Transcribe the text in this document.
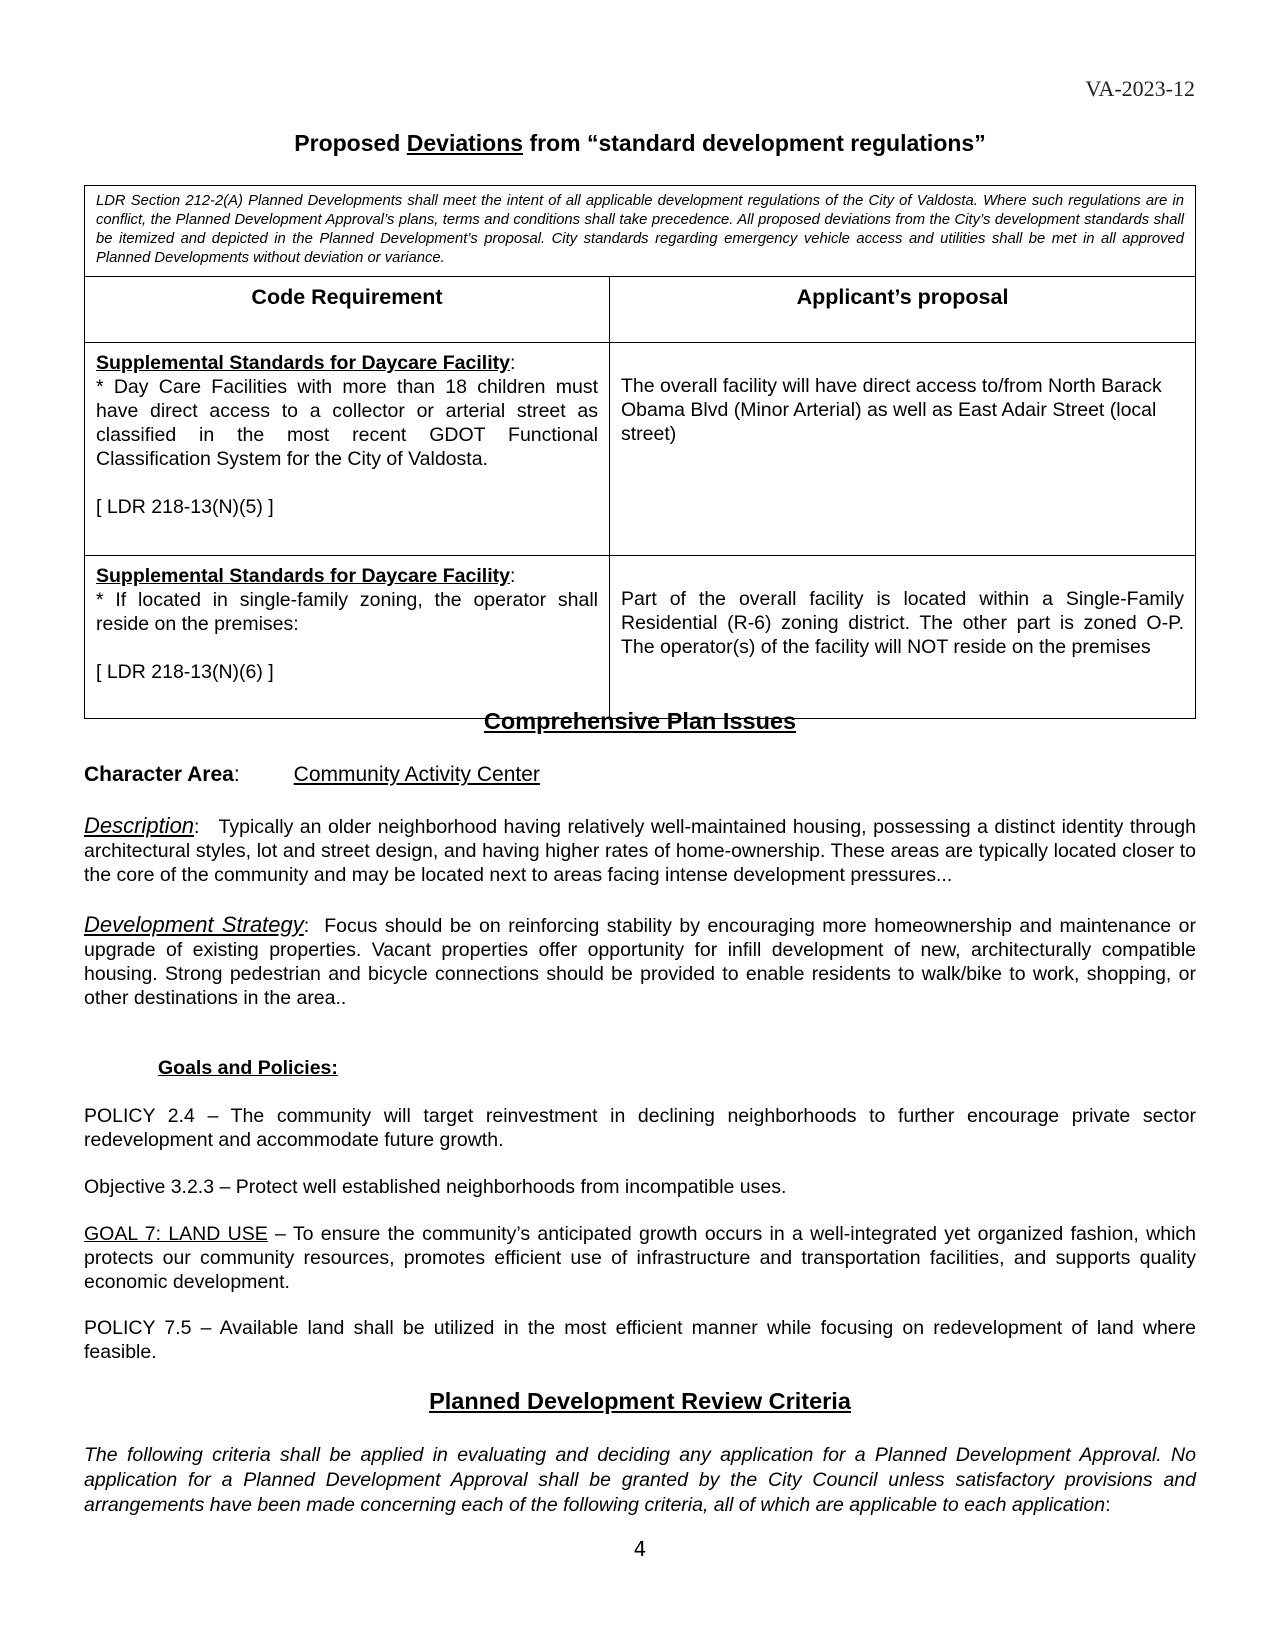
VA-2023-12
Proposed Deviations from “standard development regulations”
LDR Section 212-2(A) Planned Developments shall meet the intent of all applicable development regulations of the City of Valdosta. Where such regulations are in conflict, the Planned Development Approval’s plans, terms and conditions shall take precedence. All proposed deviations from the City’s development standards shall be itemized and depicted in the Planned Development’s proposal. City standards regarding emergency vehicle access and utilities shall be met in all approved Planned Developments without deviation or variance.	
Code Requirement	Applicant’s proposal

Supplemental Standards for Daycare Facility:
* Day Care Facilities with more than 18 children must have direct access to a collector or arterial street as classified in the most recent GDOT Functional Classification System for the City of Valdosta.
[ LDR 218-13(N)(5) ]	The overall facility will have direct access to/from North Barack Obama Blvd (Minor Arterial) as well as East Adair Street (local street)

Supplemental Standards for Daycare Facility:
* If located in single-family zoning, the operator shall reside on the premises:
[ LDR 218-13(N)(6) ]	Part of the overall facility is located within a Single-Family Residential (R-6) zoning district. The other part is zoned O-P. The operator(s) of the facility will NOT reside on the premises
Comprehensive Plan Issues
Character Area:	Community Activity Center
Description:   Typically an older neighborhood having relatively well-maintained housing, possessing a distinct identity through architectural styles, lot and street design, and having higher rates of home-ownership. These areas are typically located closer to the core of the community and may be located next to areas facing intense development pressures...
Development Strategy:  Focus should be on reinforcing stability by encouraging more homeownership and maintenance or upgrade of existing properties. Vacant properties offer opportunity for infill development of new, architecturally compatible housing. Strong pedestrian and bicycle connections should be provided to enable residents to walk/bike to work, shopping, or other destinations in the area..
Goals and Policies:
POLICY 2.4 – The community will target reinvestment in declining neighborhoods to further encourage private sector redevelopment and accommodate future growth.
Objective 3.2.3 – Protect well established neighborhoods from incompatible uses.
GOAL 7: LAND USE – To ensure the community’s anticipated growth occurs in a well-integrated yet organized fashion, which protects our community resources, promotes efficient use of infrastructure and transportation facilities, and supports quality economic development.
POLICY 7.5 – Available land shall be utilized in the most efficient manner while focusing on redevelopment of land where feasible.
Planned Development Review Criteria
The following criteria shall be applied in evaluating and deciding any application for a Planned Development Approval. No application for a Planned Development Approval shall be granted by the City Council unless satisfactory provisions and arrangements have been made concerning each of the following criteria, all of which are applicable to each application:
4
